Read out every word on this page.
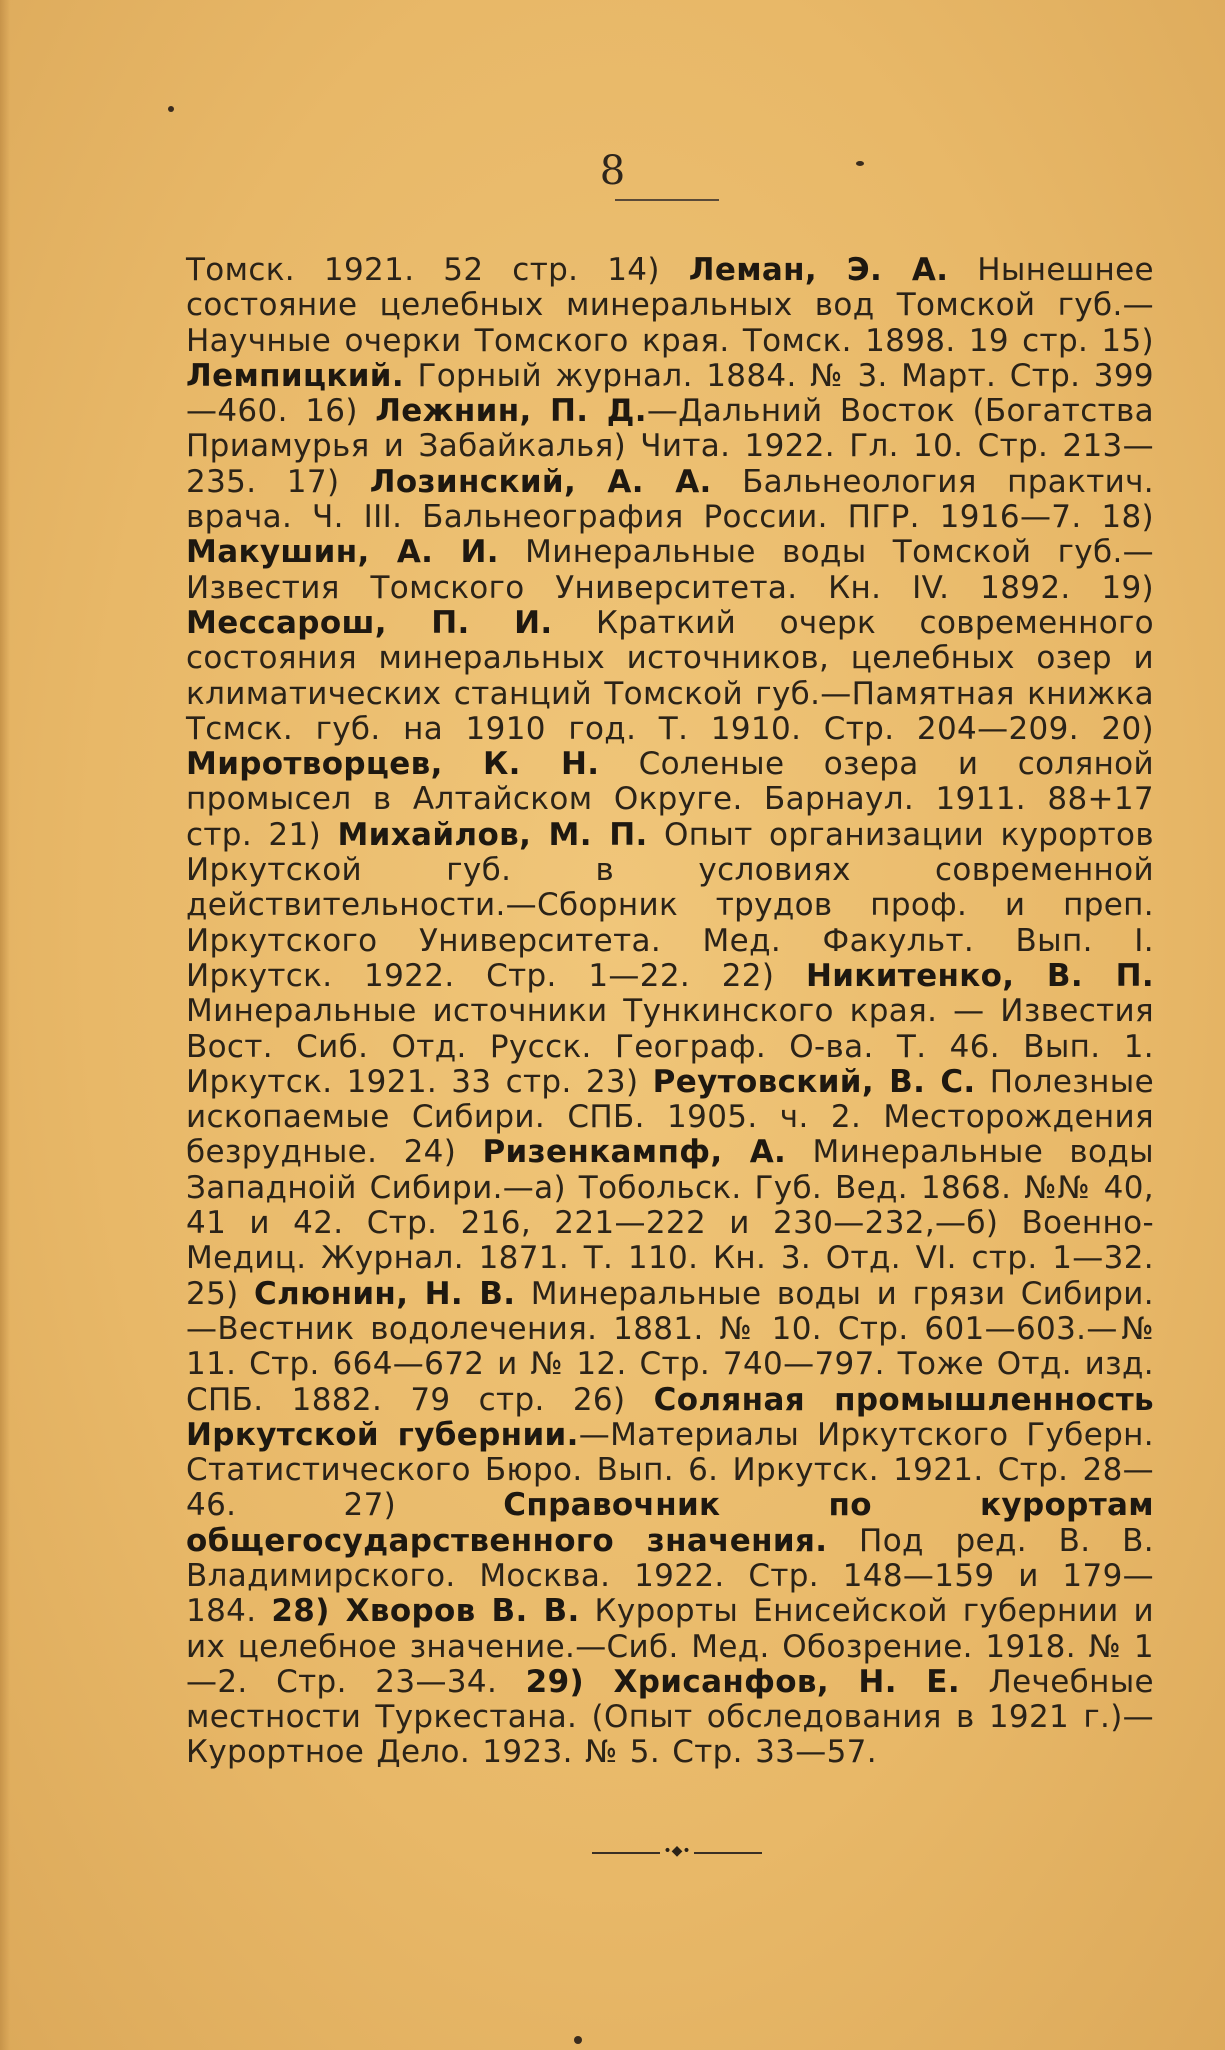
8
Томск. 1921. 52 стр. 14) Леман, Э. А. Нынешнее состояние целебных минеральных вод Томской губ.—Научные очерки Томского края. Томск. 1898. 19 стр. 15) Лемпицкий. Горный журнал. 1884. № 3. Март. Стр. 399—460. 16) Лежнин, П. Д.—Дальний Восток (Богатства Приамурья и Забайкалья) Чита. 1922. Гл. 10. Стр. 213—235. 17) Лозинский, А. А. Бальнеология практич. врача. Ч. III. Бальнеография России. ПГР. 1916—7. 18) Макушин, А. И. Минеральные воды Томской губ.—Известия Томского Университета. Кн. IV. 1892. 19) Мессарош, П. И. Краткий очерк современного состояния минеральных источников, целебных озер и климатических станций Томской губ.—Памятная книжка Тсмск. губ. на 1910 год. Т. 1910. Стр. 204—209. 20) Миротворцев, К. Н. Соленые озера и соляной промысел в Алтайском Округе. Барнаул. 1911. 88+17 стр. 21) Михайлов, М. П. Опыт организации курортов Иркутской губ. в условиях современной действительности.—Сборник трудов проф. и преп. Иркутского Университета. Мед. Факульт. Вып. I. Иркутск. 1922. Стр. 1—22. 22) Никитенко, В. П. Минеральные источники Тункинского края. — Известия Вост. Сиб. Отд. Русск. Географ. О-ва. Т. 46. Вып. 1. Иркутск. 1921. 33 стр. 23) Реутовский, В. С. Полезные ископаемые Сибири. СПБ. 1905. ч. 2. Месторождения безрудные. 24) Ризенкампф, А. Минеральные воды Западноiй Сибири.—а) Тобольск. Губ. Вед. 1868. №№ 40, 41 и 42. Стр. 216, 221—222 и 230—232,—б) Военно-Медиц. Журнал. 1871. Т. 110. Кн. 3. Отд. VI. стр. 1—32. 25) Слюнин, Н. В. Минеральные воды и грязи Сибири.—Вестник водолечения. 1881. № 10. Стр. 601—603.—№ 11. Стр. 664—672 и № 12. Стр. 740—797. Тоже Отд. изд. СПБ. 1882. 79 стр. 26) Соляная промышленность Иркутской губернии.—Материалы Иркутского Губерн. Статистического Бюро. Вып. 6. Иркутск. 1921. Стр. 28—46. 27) Справочник по курортам общегосударственного значения. Под ред. В. В. Владимирского. Москва. 1922. Стр. 148—159 и 179—184. 28) Хворов В. В. Курорты Енисейской губернии и их целебное значение.—Сиб. Мед. Обозрение. 1918. № 1—2. Стр. 23—34. 29) Хрисанфов, Н. Е. Лечебные местности Туркестана. (Опыт обследования в 1921 г.)—Курортное Дело. 1923. № 5. Стр. 33—57.
•◆•
